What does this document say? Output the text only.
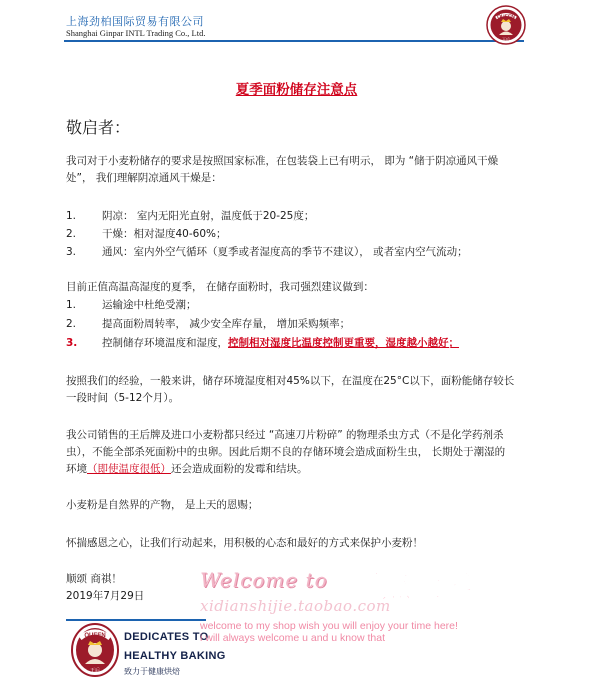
上海劲柏国际贸易有限公司
Shanghai Ginpar INTL Trading Co., Ltd.
QUEEN
王后
夏季面粉储存注意点
敬启者：
我司对于小麦粉储存的要求是按照国家标准，在包装袋上已有明示， 即为 “储于阴凉通风干燥
处”， 我们理解阴凉通风干燥是：
1. 阴凉： 室内无阳光直射，温度低于20-25度；
2. 干燥：相对湿度40-60%；
3. 通风：室内外空气循环（夏季或者湿度高的季节不建议）， 或者室内空气流动；
目前正值高温高湿度的夏季， 在储存面粉时，我司强烈建议做到：
1. 运输途中杜绝受潮；
2. 提高面粉周转率， 减少安全库存量， 增加采购频率；
3. 控制储存环境温度和湿度，控制相对湿度比温度控制更重要，湿度越小越好；
按照我们的经验，一般来讲，储存环境湿度相对45%以下，在温度在25°C以下，面粉能储存较长
一段时间（5-12个月）。
我公司销售的王后牌及进口小麦粉都只经过 “高速刀片粉碎” 的物理杀虫方式（不是化学药剂杀
虫），不能全部杀死面粉中的虫卵。因此后期不良的存储环境会造成面粉生虫， 长期处于潮湿的
环境（即使温度很低）还会造成面粉的发霉和结块。
小麦粉是自然界的产物， 是上天的恩赐；
怀揣感恩之心，让我们行动起来，用积极的心态和最好的方式来保护小麦粉！
顺颂 商祺！
2019年7月29日
QUEEN
王后
DEDICATES TO
HEALTHY BAKING
致力于健康烘焙
Welcome to 西点世界
xidianshijie.taobao.com
welcome to my shop wish you will enjoy your time here!
i will always welcome u and u know that
